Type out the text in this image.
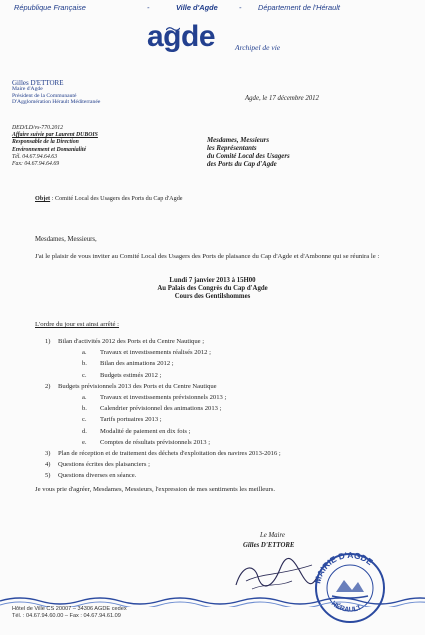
République Française	-	Ville d'Agde	- Département de l'Hérault
agde	Archipel de vie
Gilles D'ETTORE
Maire d'Agde
Président de la Communauté
D'Agglomération Hérault Méditerranée
Agde, le 17 décembre 2012
DED/LD/vs-770.2012
Affaire suivie par Laurent DUBOIS
Responsable de la Direction
Environnement et Domanialité
Tél. 04.67.94.64.63
Fax: 04.67.94.64.69
Mesdames, Messieurs
les Représentants
du Comité Local des Usagers
des Ports du Cap d'Agde
Objet : Comité Local des Usagers des Ports du Cap d'Agde
Mesdames, Messieurs,
J'ai le plaisir de vous inviter au Comité Local des Usagers des Ports de plaisance du Cap d'Agde et d'Ambonne qui se réunira le :
Lundi 7 janvier 2013 à 15H00
Au Palais des Congrès du Cap d'Agde
Cours des Gentilshommes
L'ordre du jour est ainsi arrêté :
1) Bilan d'activités 2012 des Ports et du Centre Nautique ;
a. Travaux et investissements réalisés 2012 ;
b. Bilan des animations 2012 ;
c. Budgets estimés 2012 ;
2) Budgets prévisionnels 2013 des Ports et du Centre Nautique
a. Travaux et investissements prévisionnels 2013 ;
b. Calendrier prévisionnel des animations 2013 ;
c. Tarifs portuaires 2013 ;
d. Modalité de paiement en dix fois ;
e. Comptes de résultats prévisionnels 2013 ;
3) Plan de réception et de traitement des déchets d'exploitation des navires 2013-2016 ;
4) Questions écrites des plaisanciers ;
5) Questions diverses en séance.
Je vous prie d'agréer, Mesdames, Messieurs, l'expression de mes sentiments les meilleurs.
Le Maire
Gilles D'ETTORE
MAIRIE D'AGDE
HÉRAULT
Hôtel de Ville CS 20007 – 34306 AGDE cedex
Tél. : 04.67.94.60.00 – Fax : 04.67.94.61.09
